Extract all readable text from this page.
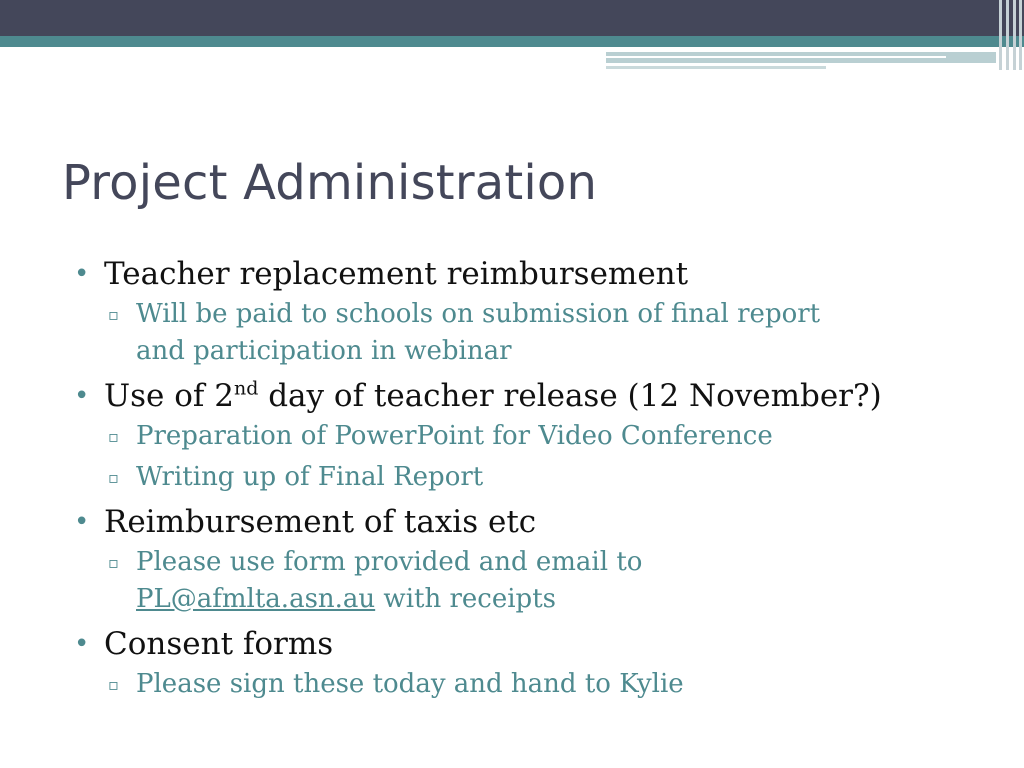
Project Administration
• Teacher replacement reimbursement
▫ Will be paid to schools on submission of final report
and participation in webinar
• Use of 2nd day of teacher release (12 November?)
▫ Preparation of PowerPoint for Video Conference
▫ Writing up of Final Report
• Reimbursement of taxis etc
▫ Please use form provided and email to
PL@afmlta.asn.au with receipts
• Consent forms
▫ Please sign these today and hand to Kylie
